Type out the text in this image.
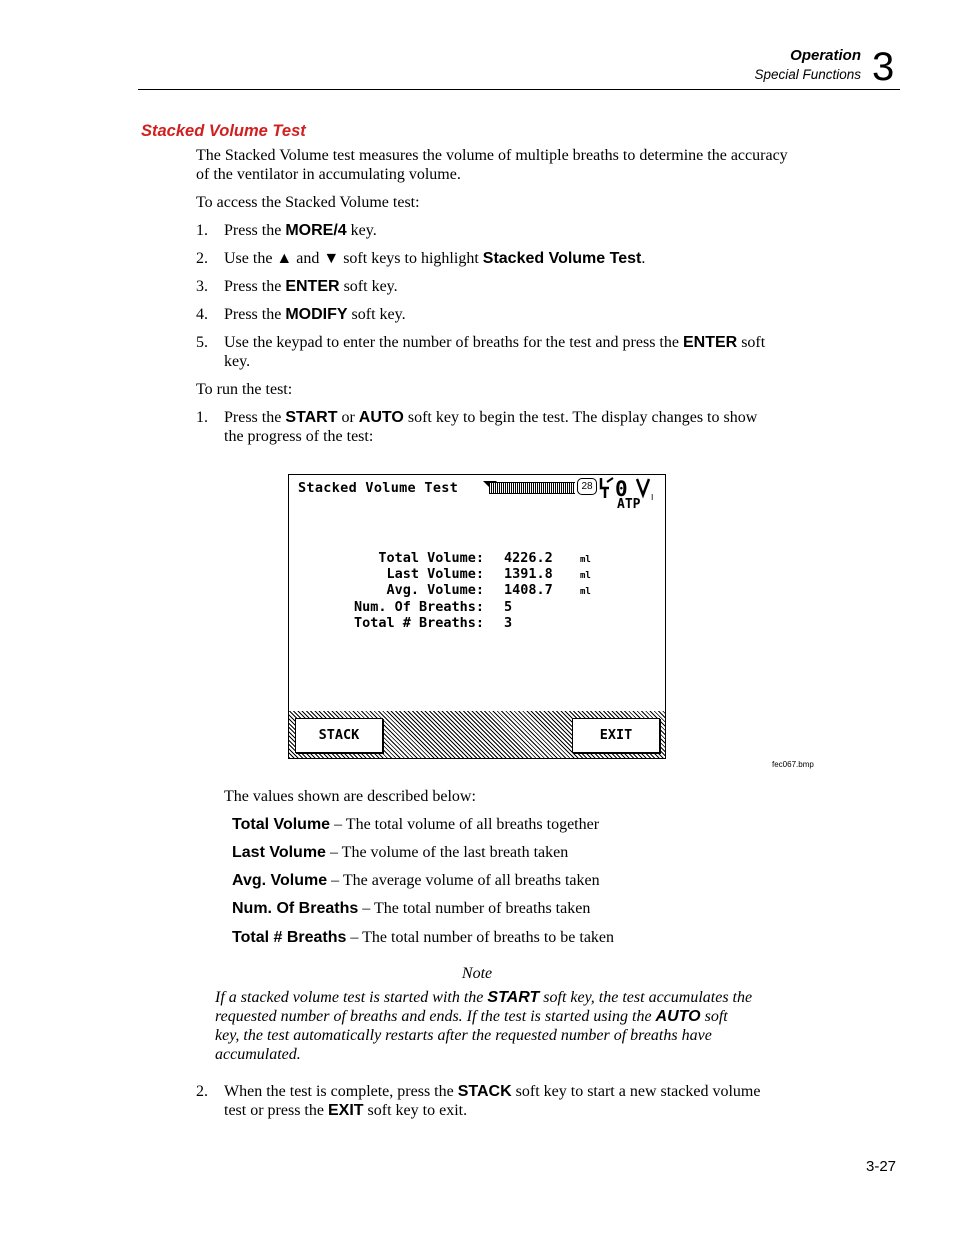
Operation
Special Functions 3
Stacked Volume Test
The Stacked Volume test measures the volume of multiple breaths to determine the accuracy of the ventilator in accumulating volume.
To access the Stacked Volume test:
1. Press the MORE/4 key.
2. Use the ▲ and ▼ soft keys to highlight Stacked Volume Test.
3. Press the ENTER soft key.
4. Press the MODIFY soft key.
5. Use the keypad to enter the number of breaths for the test and press the ENTER soft
key.
To run the test:
1. Press the START or AUTO soft key to begin the test. The display changes to show
the progress of the test:
Stacked Volume Test	28 0	I
ATP
Total Volume: 4226.2	ml
Last Volume: 1391.8	ml
Avg. Volume: 1408.7	ml
Num. Of Breaths: 5
Total # Breaths: 3
STACK	EXIT
fec067.bmp
The values shown are described below:
Total Volume – The total volume of all breaths together
Last Volume – The volume of the last breath taken
Avg. Volume – The average volume of all breaths taken
Num. Of Breaths – The total number of breaths taken
Total # Breaths – The total number of breaths to be taken
Note
If a stacked volume test is started with the START soft key, the test accumulates the requested number of breaths and ends. If the test is started using the AUTO soft key, the test automatically restarts after the requested number of breaths have accumulated.
2. When the test is complete, press the STACK soft key to start a new stacked volume
test or press the EXIT soft key to exit.
3-27
